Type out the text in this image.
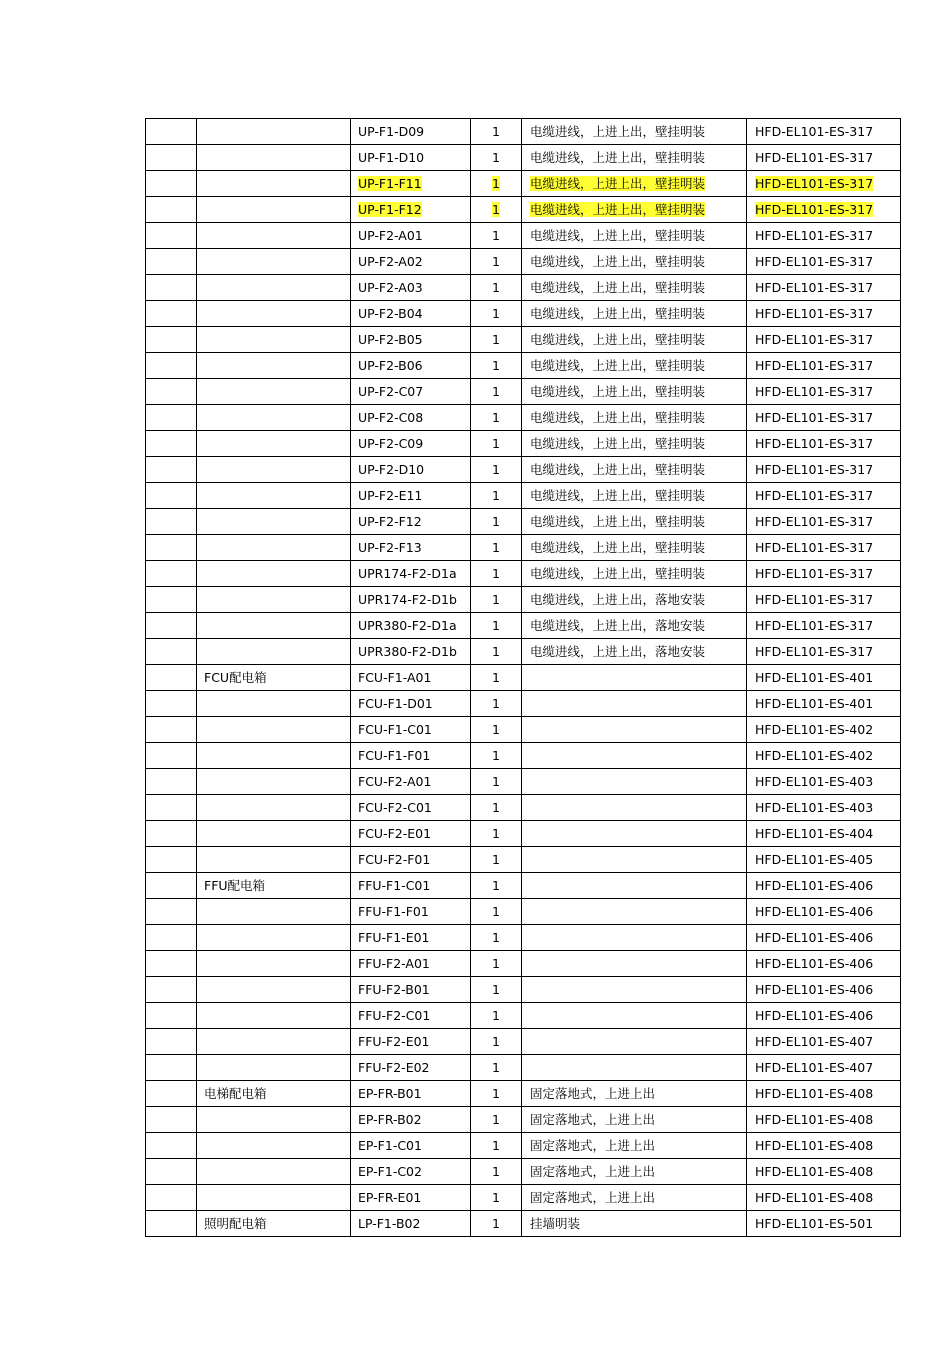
		UP-F1-D09	1	电缆进线，上进上出，壁挂明装	HFD-EL101-ES-317
		UP-F1-D10	1	电缆进线，上进上出，壁挂明装	HFD-EL101-ES-317
		UP-F1-F11	1	电缆进线，上进上出，壁挂明装	HFD-EL101-ES-317
		UP-F1-F12	1	电缆进线，上进上出，壁挂明装	HFD-EL101-ES-317
		UP-F2-A01	1	电缆进线，上进上出，壁挂明装	HFD-EL101-ES-317
		UP-F2-A02	1	电缆进线，上进上出，壁挂明装	HFD-EL101-ES-317
		UP-F2-A03	1	电缆进线，上进上出，壁挂明装	HFD-EL101-ES-317
		UP-F2-B04	1	电缆进线，上进上出，壁挂明装	HFD-EL101-ES-317
		UP-F2-B05	1	电缆进线，上进上出，壁挂明装	HFD-EL101-ES-317
		UP-F2-B06	1	电缆进线，上进上出，壁挂明装	HFD-EL101-ES-317
		UP-F2-C07	1	电缆进线，上进上出，壁挂明装	HFD-EL101-ES-317
		UP-F2-C08	1	电缆进线，上进上出，壁挂明装	HFD-EL101-ES-317
		UP-F2-C09	1	电缆进线，上进上出，壁挂明装	HFD-EL101-ES-317
		UP-F2-D10	1	电缆进线，上进上出，壁挂明装	HFD-EL101-ES-317
		UP-F2-E11	1	电缆进线，上进上出，壁挂明装	HFD-EL101-ES-317
		UP-F2-F12	1	电缆进线，上进上出，壁挂明装	HFD-EL101-ES-317
		UP-F2-F13	1	电缆进线，上进上出，壁挂明装	HFD-EL101-ES-317
		UPR174-F2-D1a	1	电缆进线，上进上出，壁挂明装	HFD-EL101-ES-317
		UPR174-F2-D1b	1	电缆进线，上进上出，落地安装	HFD-EL101-ES-317
		UPR380-F2-D1a	1	电缆进线，上进上出，落地安装	HFD-EL101-ES-317
		UPR380-F2-D1b	1	电缆进线，上进上出，落地安装	HFD-EL101-ES-317
	FCU配电箱	FCU-F1-A01	1		HFD-EL101-ES-401
		FCU-F1-D01	1		HFD-EL101-ES-401
		FCU-F1-C01	1		HFD-EL101-ES-402
		FCU-F1-F01	1		HFD-EL101-ES-402
		FCU-F2-A01	1		HFD-EL101-ES-403
		FCU-F2-C01	1		HFD-EL101-ES-403
		FCU-F2-E01	1		HFD-EL101-ES-404
		FCU-F2-F01	1		HFD-EL101-ES-405
	FFU配电箱	FFU-F1-C01	1		HFD-EL101-ES-406
		FFU-F1-F01	1		HFD-EL101-ES-406
		FFU-F1-E01	1		HFD-EL101-ES-406
		FFU-F2-A01	1		HFD-EL101-ES-406
		FFU-F2-B01	1		HFD-EL101-ES-406
		FFU-F2-C01	1		HFD-EL101-ES-406
		FFU-F2-E01	1		HFD-EL101-ES-407
		FFU-F2-E02	1		HFD-EL101-ES-407
	电梯配电箱	EP-FR-B01	1	固定落地式，上进上出	HFD-EL101-ES-408
		EP-FR-B02	1	固定落地式，上进上出	HFD-EL101-ES-408
		EP-F1-C01	1	固定落地式，上进上出	HFD-EL101-ES-408
		EP-F1-C02	1	固定落地式，上进上出	HFD-EL101-ES-408
		EP-FR-E01	1	固定落地式，上进上出	HFD-EL101-ES-408
	照明配电箱	LP-F1-B02	1	挂墙明装	HFD-EL101-ES-501
